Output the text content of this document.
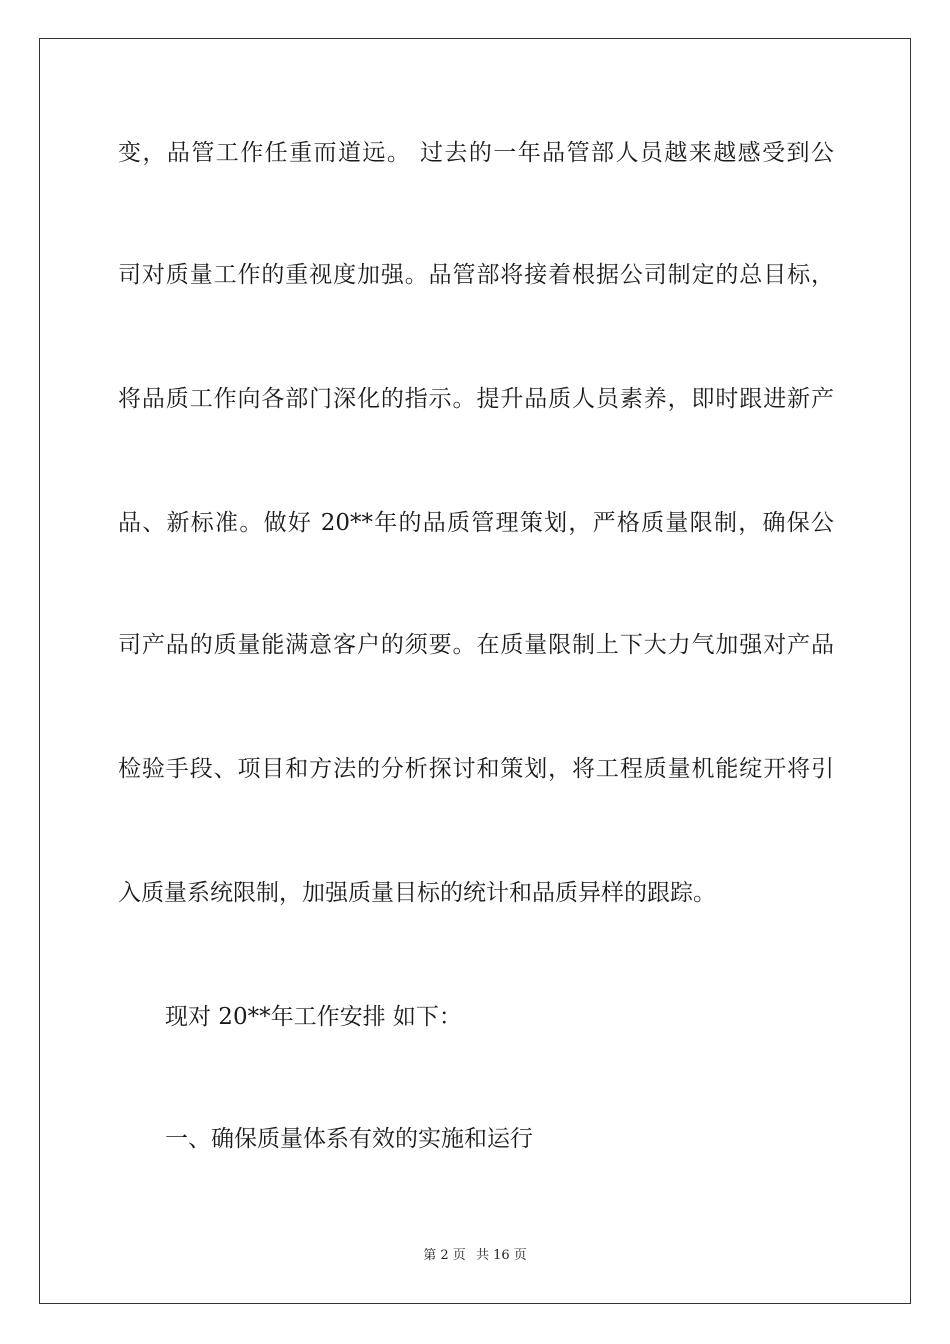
变，品管工作任重而道远。 过去的一年品管部人员越来越感受到公
司对质量工作的重视度加强。品管部将接着根据公司制定的总目标，
将品质工作向各部门深化的指示。提升品质人员素养，即时跟进新产
品、新标准。做好 20**年的品质管理策划，严格质量限制，确保公
司产品的质量能满意客户的须要。在质量限制上下大力气加强对产品
检验手段、项目和方法的分析探讨和策划，将工程质量机能绽开将引
入质量系统限制，加强质量目标的统计和品质异样的跟踪。
现对 20**年工作安排 如下：
一、确保质量体系有效的实施和运行
第 2 页 共 16 页
